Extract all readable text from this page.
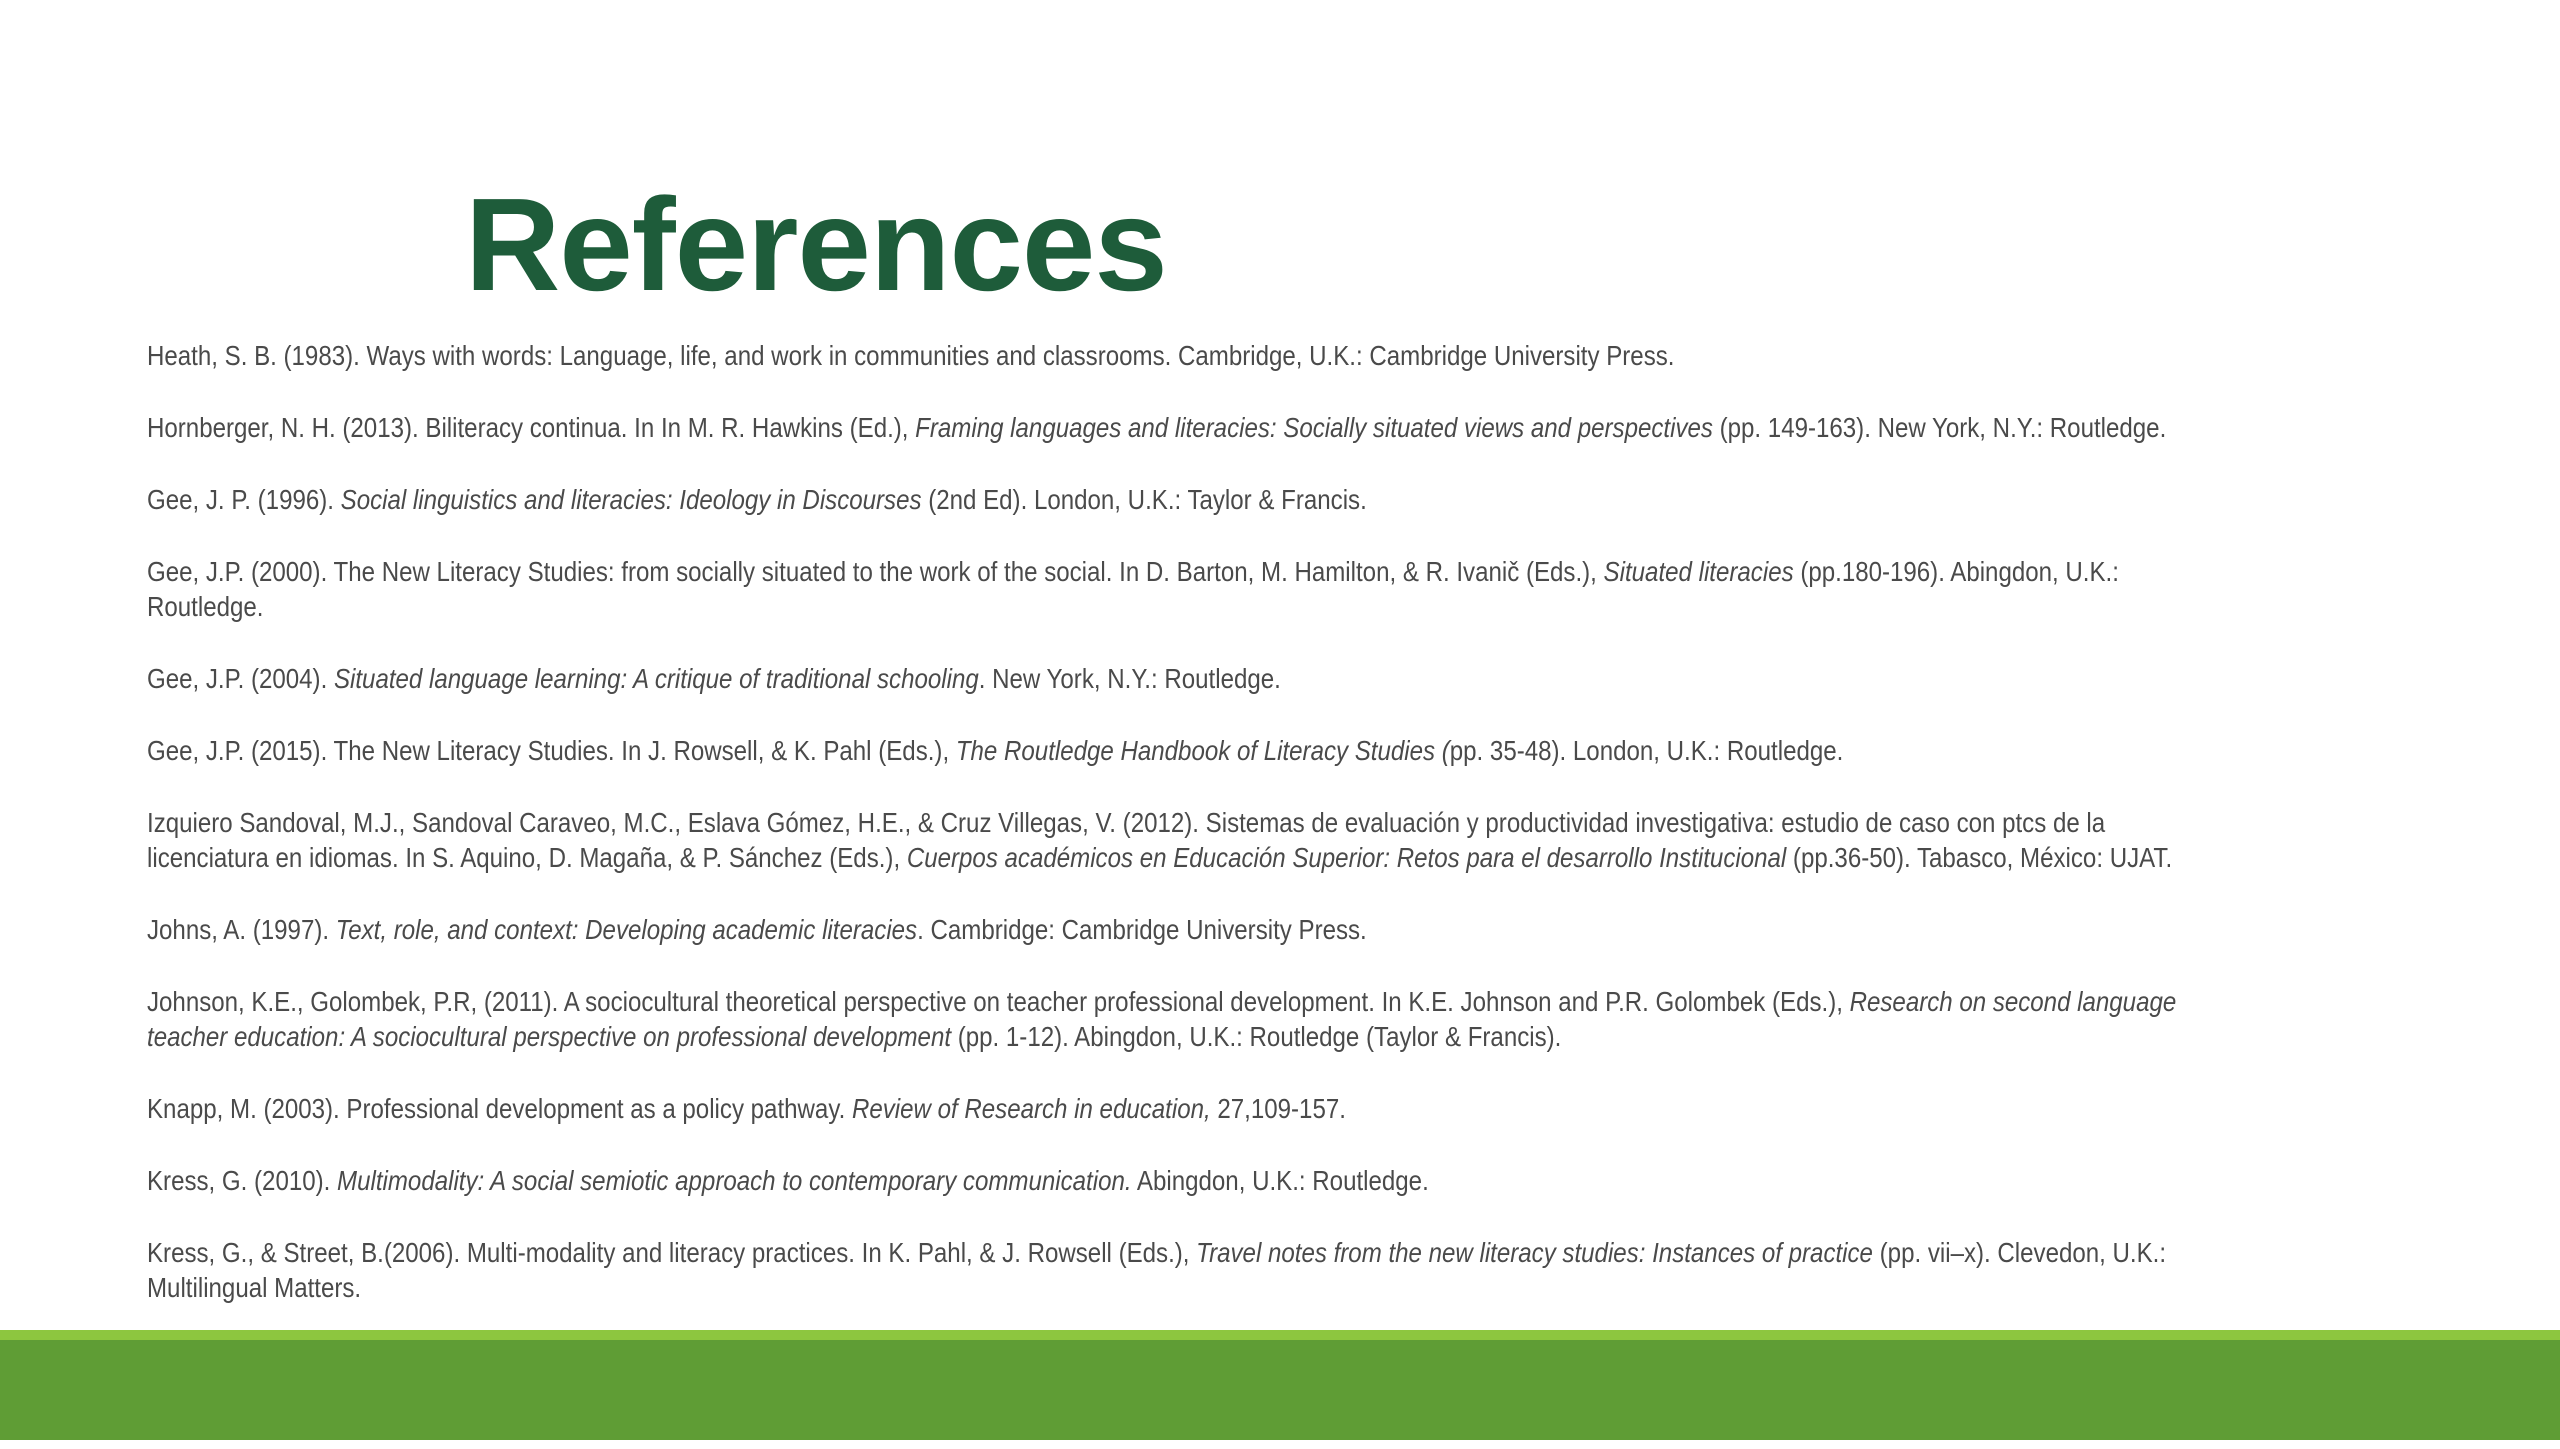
References

Heath, S. B. (1983). Ways with words: Language, life, and work in communities and classrooms. Cambridge, U.K.: Cambridge University Press.

Hornberger, N. H. (2013). Biliteracy continua. In In M. R. Hawkins (Ed.), Framing languages and literacies: Socially situated views and perspectives (pp. 149-163). New York, N.Y.: Routledge.

Gee, J. P. (1996). Social linguistics and literacies: Ideology in Discourses (2nd Ed). London, U.K.: Taylor & Francis.

Gee, J.P. (2000). The New Literacy Studies: from socially situated to the work of the social. In D. Barton, M. Hamilton, & R. Ivanič (Eds.), Situated literacies (pp.180-196). Abingdon, U.K.: Routledge.

Gee, J.P. (2004). Situated language learning: A critique of traditional schooling. New York, N.Y.: Routledge.

Gee, J.P. (2015). The New Literacy Studies. In J. Rowsell, & K. Pahl (Eds.), The Routledge Handbook of Literacy Studies (pp. 35-48). London, U.K.: Routledge.

Izquiero Sandoval, M.J., Sandoval Caraveo, M.C., Eslava Gómez, H.E., & Cruz Villegas, V. (2012). Sistemas de evaluación y productividad investigativa: estudio de caso con ptcs de la licenciatura en idiomas. In S. Aquino, D. Magaña, & P. Sánchez (Eds.), Cuerpos académicos en Educación Superior: Retos para el desarrollo Institucional (pp.36-50). Tabasco, México: UJAT.

Johns, A. (1997). Text, role, and context: Developing academic literacies. Cambridge: Cambridge University Press.

Johnson, K.E., Golombek, P.R, (2011). A sociocultural theoretical perspective on teacher professional development. In K.E. Johnson and P.R. Golombek (Eds.), Research on second language teacher education: A sociocultural perspective on professional development (pp. 1-12). Abingdon, U.K.: Routledge (Taylor & Francis).

Knapp, M. (2003). Professional development as a policy pathway. Review of Research in education, 27,109-157.

Kress, G. (2010). Multimodality: A social semiotic approach to contemporary communication. Abingdon, U.K.: Routledge.

Kress, G., & Street, B.(2006). Multi-modality and literacy practices. In K. Pahl, & J. Rowsell (Eds.), Travel notes from the new literacy studies: Instances of practice (pp. vii–x). Clevedon, U.K.: Multilingual Matters.
